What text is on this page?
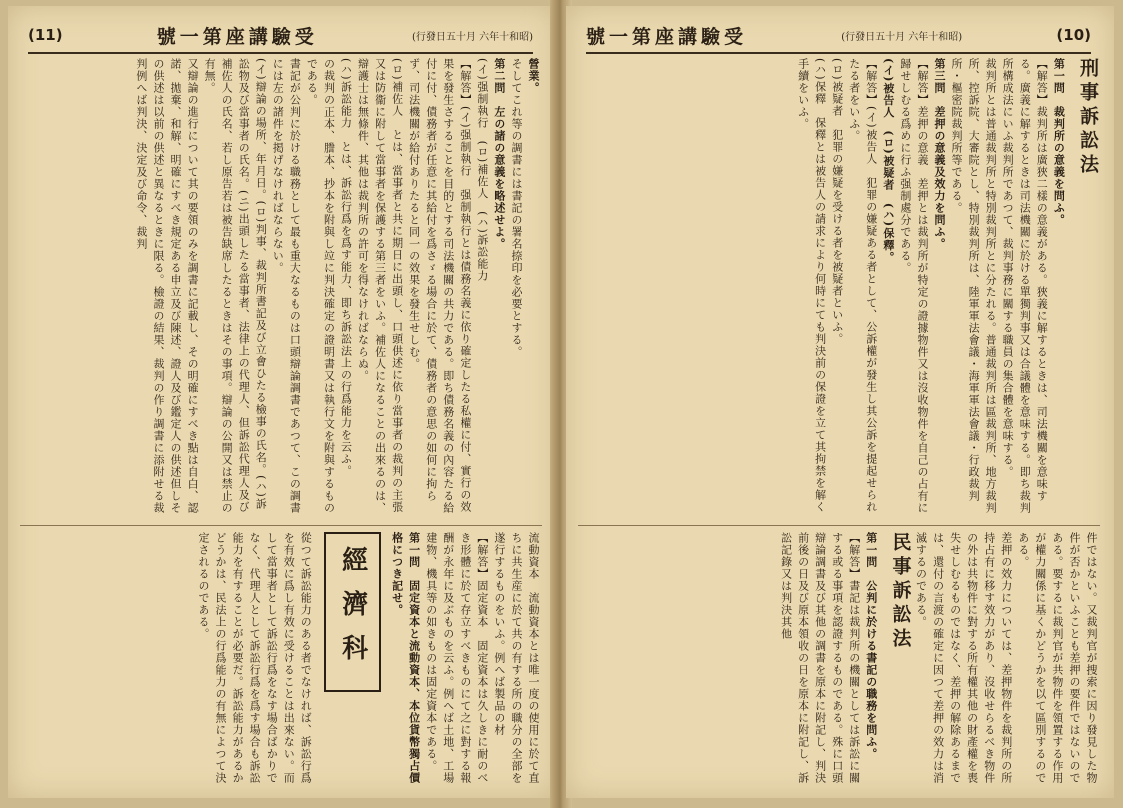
(11)	號一第座講驗受	(行發日五十月 六年十和昭)

營業。

そしてこれ等の調書には書記の署名捺印を必要とする。

第二問　左の諸の意義を略述せよ。

(イ)强制執行　(ロ)補佐人　(ハ)訴訟能力

【解答】(イ)强制執行　强制執行とは債務名義に依り確定したる私權に付、實行の效果を發生さすることを目的とする司法機關の共力である。即ち債務名義の內容たる給付に付、債務者が任意に其給付を爲さゞる場合に於て、債務者の意思の如何に拘らず、司法機關が給付ありたると同一の效果を發生せしむ。

(ロ)補佐人　とは、當事者と共に期日に出頭し、口頭供述に依り當事者の裁判の主張又は防衞に附して當事者を保護する第三者をいふ。補佐人になることの出來るのは、辯護士は無條件、其他は裁判所の許可を得なければならぬ。

(ハ)訴訟能力　とは、訴訟行爲を爲す能力、即ち訴訟法上の行爲能力を云ふ。

の裁判の正本、謄本、抄本を附與し竝に判決確定の證明書又は執行文を附與するものである。

書記が公判に於ける職務として最も重大なるものは口頭辯論調書であつて、この調書には左の諸件を掲げなければならない。

(イ)辯論の場所、年月日。(ロ)判事、裁判所書記及び立會ひたる檢事の氏名。(ハ)訴訟物及び當事者の氏名。(ニ)出頭したる當事者、法律上の代理人、但訴訟代理人及び補佐人の氏名、若し原告若は被告缺席したるときはその事項。辯論の公開又は禁止の有無。

又辯論の進行について其の要領のみを調書に記載し、その明確にすべき點は自白、認諾、拋棄、和解、明確にすべき規定ある申立及び陳述、證人及び鑑定人の供述但しその供述は以前の供述と異なるときに限る。檢證の結果、裁判の作り調書に添附せる裁判例へば判決、決定及び命令、裁判

流動資本　流動資本とは唯一度の使用に於て直ちに共生産に於て共の有する所の職分の全部を遂行するものをいふ。例へば製品の材

【解答】固定資本　固定資本は久しきに耐のべき形體に於て存立すべきものにて之に對する報酬が永年に及ぶものを云ふ。例へば土地、工場建物、機具等の如きものは固定資本である。

第一問　固定資本と流動資本、本位貨幣獨占價格につき記せ。

經濟科

從つて訴訟能力のある者でなければ、訴訟行爲を有效に爲し有效に受けることは出來ない。而して當事者として訴訟行爲をなす場合ばかりでなく、代理人として訴訟行爲を爲す場合も訴訟能力を有することが必要だ。訴訟能力があるかどうかは、民法上の行爲能力の有無によつて決定されるのである。

號一第座講驗受	(行發日五十月 六年十和昭)	(10)

刑事訴訟法

第一問　裁判所の意義を問ふ。

【解答】裁判所は廣狹二樣の意義がある。狹義に解するときは、司法機關を意味する。廣義に解するときは司法機關に於ける單獨判事又は合議體を意味する。即ち裁判所構成法にいふ裁判所であつて、裁判事務に關する職員の集合體を意味する。

裁判所とは普通裁判所と特別裁判所とに分たれる。普通裁判所は區裁判所、地方裁判所、控訴院、大審院とし、特別裁判所は、陸軍軍法會議・海軍軍法會議・行政裁判所・樞密院裁判所等である。

第三問　差押の意義及效力を問ふ。

【解答】差押の意義　差押とは裁判所が特定の證據物件又は沒收物件を自己の占有に歸せしむる爲めに行ふ强制處分である。

(イ)被告人　(ロ)被疑者　(ハ)保釋。

【解答】(イ)被告人　犯罪の嫌疑ある者として、公訴權が發生し其公訴を提起せられたる者をいふ。

(ロ)被疑者　犯罪の嫌疑を受ける者を被疑者といふ。

(ハ)保釋　保釋とは被告人の請求により何時にても判決前の保證を立て其拘禁を解く手續をいふ。

件ではない。又裁判官が捜索に因り發見した物件が否かといふことも差押の要件ではないのである。要するに裁判官が共物件を領置する作用が權力關係に基くかどうかを以て區別するのである。

差押の效力については、差押物件を裁判所の所持占有に移す效力があり、沒收せらるべき物件の外は共物件に對する所有權其他の財產權を喪失せしむるものではなく、差押の解除あるまでは、還付の言渡の確定に因つて差押の效力は消滅するのである。

民事訴訟法

第一問　公判に於ける書記の職務を問ふ。

【解答】書記は裁判所の機關としては訴訟に關する或る事項を認證するものである。殊に口頭辯論調書及び其他の調書を原本に附記し、判決前後の日及び原本領收の日を原本に附記し、訴訟記錄又は判決其他
